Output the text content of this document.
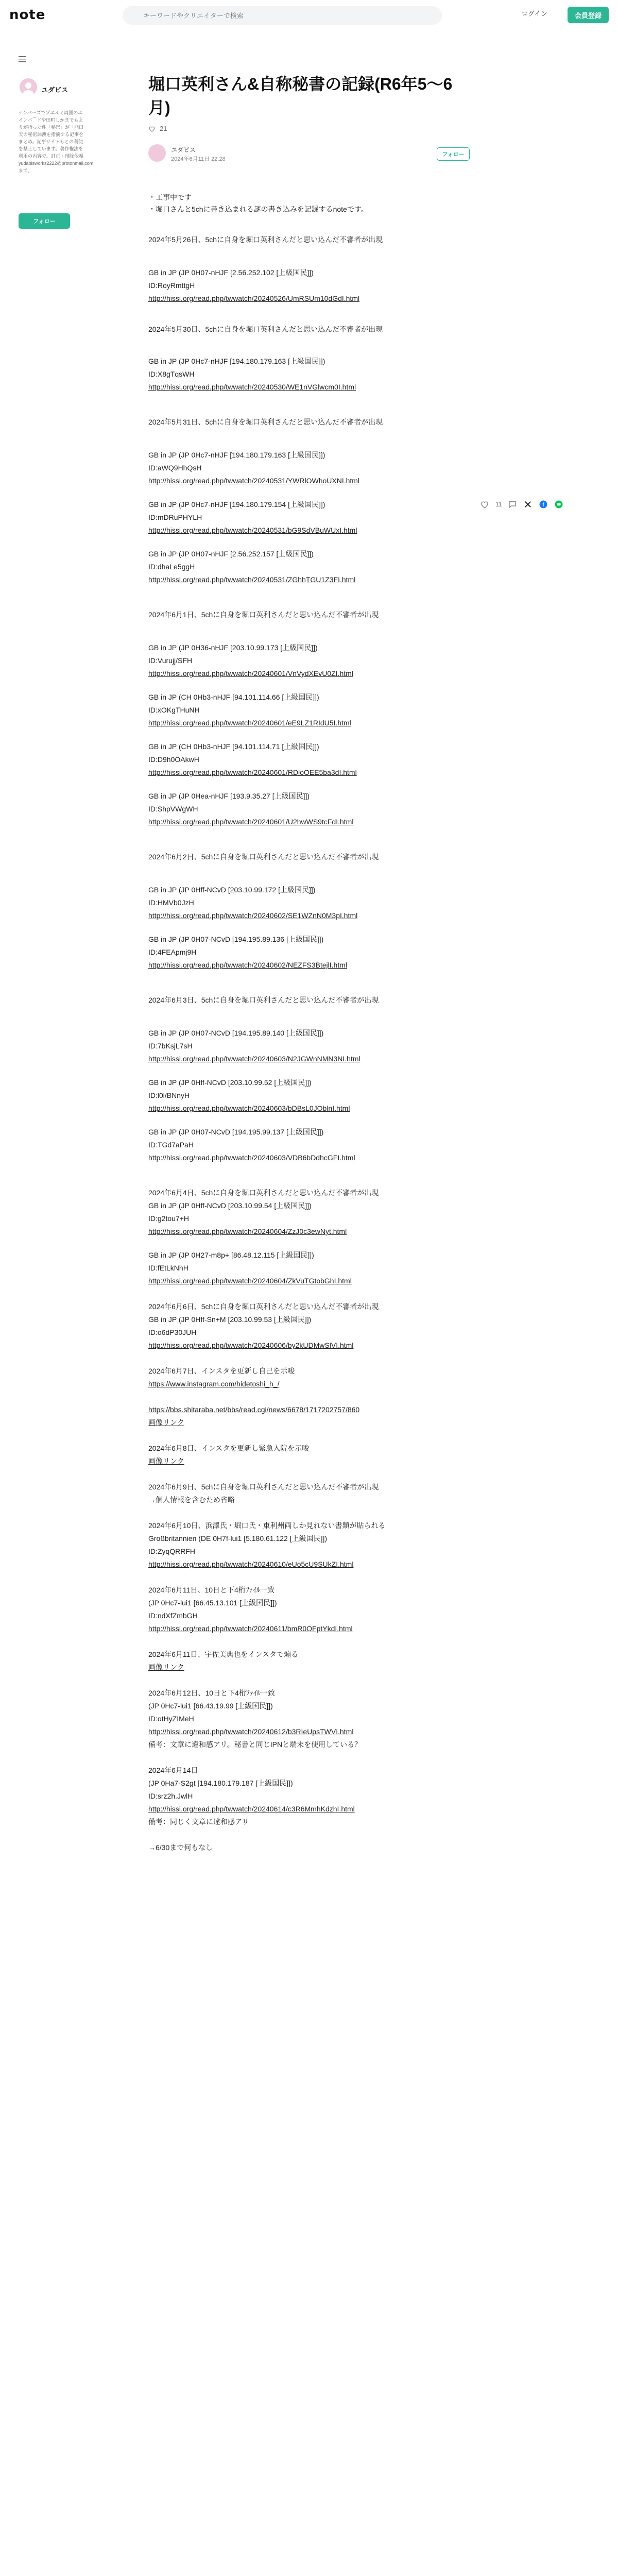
note
キーワードやクリエイターで検索	ログイン	会員登録
ユダビス
ナンバーズでゾエルミ周囲のエインバ⌒ドや田町しかまでもよりが指った件「秘密」が「能口天の秘密漏洩を指摘する記事をまとめ。記事サイトもとの利便を禁止しています。著作権法を利用の内容で。訂正・削除依頼 yudabisworks2222@protonmail.com まで。
フォロー
堀口英利さん&自称秘書の記録(R6年5〜6
月)
21
ユダビス
2024年6月11日 22:28
フォロー
・工事中です
・堀口さんと5chに書き込まれる謎の書き込みを記録するnoteです。
2024年5月26日、5chに自身を堀口英利さんだと思い込んだ不審者が出現
GB in JP (JP 0H07-nHJF [2.56.252.102 [上級国民]])
ID:RoyRmttgH
http://hissi.org/read.php/twwatch/20240526/UmRSUm10dGdI.html
2024年5月30日、5chに自身を堀口英利さんだと思い込んだ不審者が出現
GB in JP (JP 0Hc7-nHJF [194.180.179.163 [上級国民]])
ID:X8gTqsWH
http://hissi.org/read.php/twwatch/20240530/WE1nVGlwcm0I.html
2024年5月31日、5chに自身を堀口英利さんだと思い込んだ不審者が出現
GB in JP (JP 0Hc7-nHJF [194.180.179.163 [上級国民]])
ID:aWQ9HhQsH
http://hissi.org/read.php/twwatch/20240531/YWRlOWhoUXNI.html
GB in JP (JP 0Hc7-nHJF [194.180.179.154 [上級国民]])
ID:mDRuPHYLH
http://hissi.org/read.php/twwatch/20240531/bG9SdVBuWUxI.html
GB in JP (JP 0H07-nHJF [2.56.252.157 [上級国民]])
ID:dhaLe5ggH
http://hissi.org/read.php/twwatch/20240531/ZGhhTGU1Z3FI.html
2024年6月1日、5chに自身を堀口英利さんだと思い込んだ不審者が出現
GB in JP (JP 0H36-nHJF [203.10.99.173 [上級国民]])
ID:Vurujj/SFH
http://hissi.org/read.php/twwatch/20240601/VnVydXEvU0ZI.html
GB in JP (CH 0Hb3-nHJF [94.101.114.66 [上級国民]])
ID:xOKgTHuNH
http://hissi.org/read.php/twwatch/20240601/eE9LZ1RIdU5I.html
GB in JP (CH 0Hb3-nHJF [94.101.114.71 [上級国民]])
ID:D9h0OAkwH
http://hissi.org/read.php/twwatch/20240601/RDloOEE5ba3dI.html
GB in JP (JP 0Hea-nHJF [193.9.35.27 [上級国民]])
ID:ShpVWgWH
http://hissi.org/read.php/twwatch/20240601/U2hwWS9tcFdI.html
2024年6月2日、5chに自身を堀口英利さんだと思い込んだ不審者が出現
GB in JP (JP 0Hff-NCvD [203.10.99.172 [上級国民]])
ID:HMVb0JzH
http://hissi.org/read.php/twwatch/20240602/SE1WZnN0M3pI.html
GB in JP (JP 0H07-NCvD [194.195.89.136 [上級国民]])
ID:4FEApmj9H
http://hissi.org/read.php/twwatch/20240602/NEZFS3BtejlI.html
2024年6月3日、5chに自身を堀口英利さんだと思い込んだ不審者が出現
GB in JP (JP 0H07-NCvD [194.195.89.140 [上級国民]])
ID:7bKsjL7sH
http://hissi.org/read.php/twwatch/20240603/N2JGWnNMN3NI.html
GB in JP (JP 0Hff-NCvD [203.10.99.52 [上級国民]])
ID:l0l/BNnyH
http://hissi.org/read.php/twwatch/20240603/bDBsL0JOblnI.html
GB in JP (JP 0H07-NCvD [194.195.99.137 [上級国民]])
ID:TGd7aPaH
http://hissi.org/read.php/twwatch/20240603/VDB6bDdhcGFI.html
2024年6月4日、5chに自身を堀口英利さんだと思い込んだ不審者が出現
GB in JP (JP 0Hff-NCvD [203.10.99.54 [上級国民]])
ID:g2tou7+H
http://hissi.org/read.php/twwatch/20240604/ZzJ0c3ewNyt.html
GB in JP (JP 0H27-m8p+ [86.48.12.115 [上級国民]])
ID:fEtLkNhH
http://hissi.org/read.php/twwatch/20240604/ZkVuTGtobGhI.html
2024年6月6日、5chに自身を堀口英利さんだと思い込んだ不審者が出現
GB in JP (JP 0Hff-Sn+M [203.10.99.53 [上級国民]])
ID:o6dP30JUH
http://hissi.org/read.php/twwatch/20240606/by2kUDMwSlVI.html
2024年6月7日、インスタを更新し自己を示唆
https://www.instagram.com/hidetoshi_h_/
https://bbs.shitaraba.net/bbs/read.cgi/news/6678/1717202757/860
画像リンク
2024年6月8日、インスタを更新し緊急入院を示唆
画像リンク
2024年6月9日、5chに自身を堀口英利さんだと思い込んだ不審者が出現
→個人情報を含むため省略
2024年6月10日、浜澤氏・堀口氏・東利州両しか見れない書類が貼られる
Großbritannien (DE 0H7f-lui1 [5.180.61.122 [上級国民]])
ID:ZyqQRRFH
http://hissi.org/read.php/twwatch/20240610/eUo5cU9SUkZI.html
2024年6月11日、10日と下4桁ﾌｧｲﾙ一致
(JP 0Hc7-lui1 [66.45.13.101 [上級国民]])
ID:ndXfZmbGH
http://hissi.org/read.php/twwatch/20240611/bmR0OFptYkdI.html
2024年6月11日、宇佐美典也をインスタで煽る
画像リンク
2024年6月12日、10日と下4桁ﾌｧｲﾙ一致
(JP 0Hc7-lui1 [66.43.19.99 [上級国民]])
ID:otHyZIMeH
http://hissi.org/read.php/twwatch/20240612/b3RIeUpsTWVI.html
備考：文章に違和感アリ。秘書と同じIPNと端末を使用している？
2024年6月14日
(JP 0Ha7-S2gt [194.180.179.187 [上級国民]])
ID:srz2h.JwlH
http://hissi.org/read.php/twwatch/20240614/c3R6MmhKdzhI.html
備考：同じく文章に違和感アリ
→6/30まで何もなし
11	f
